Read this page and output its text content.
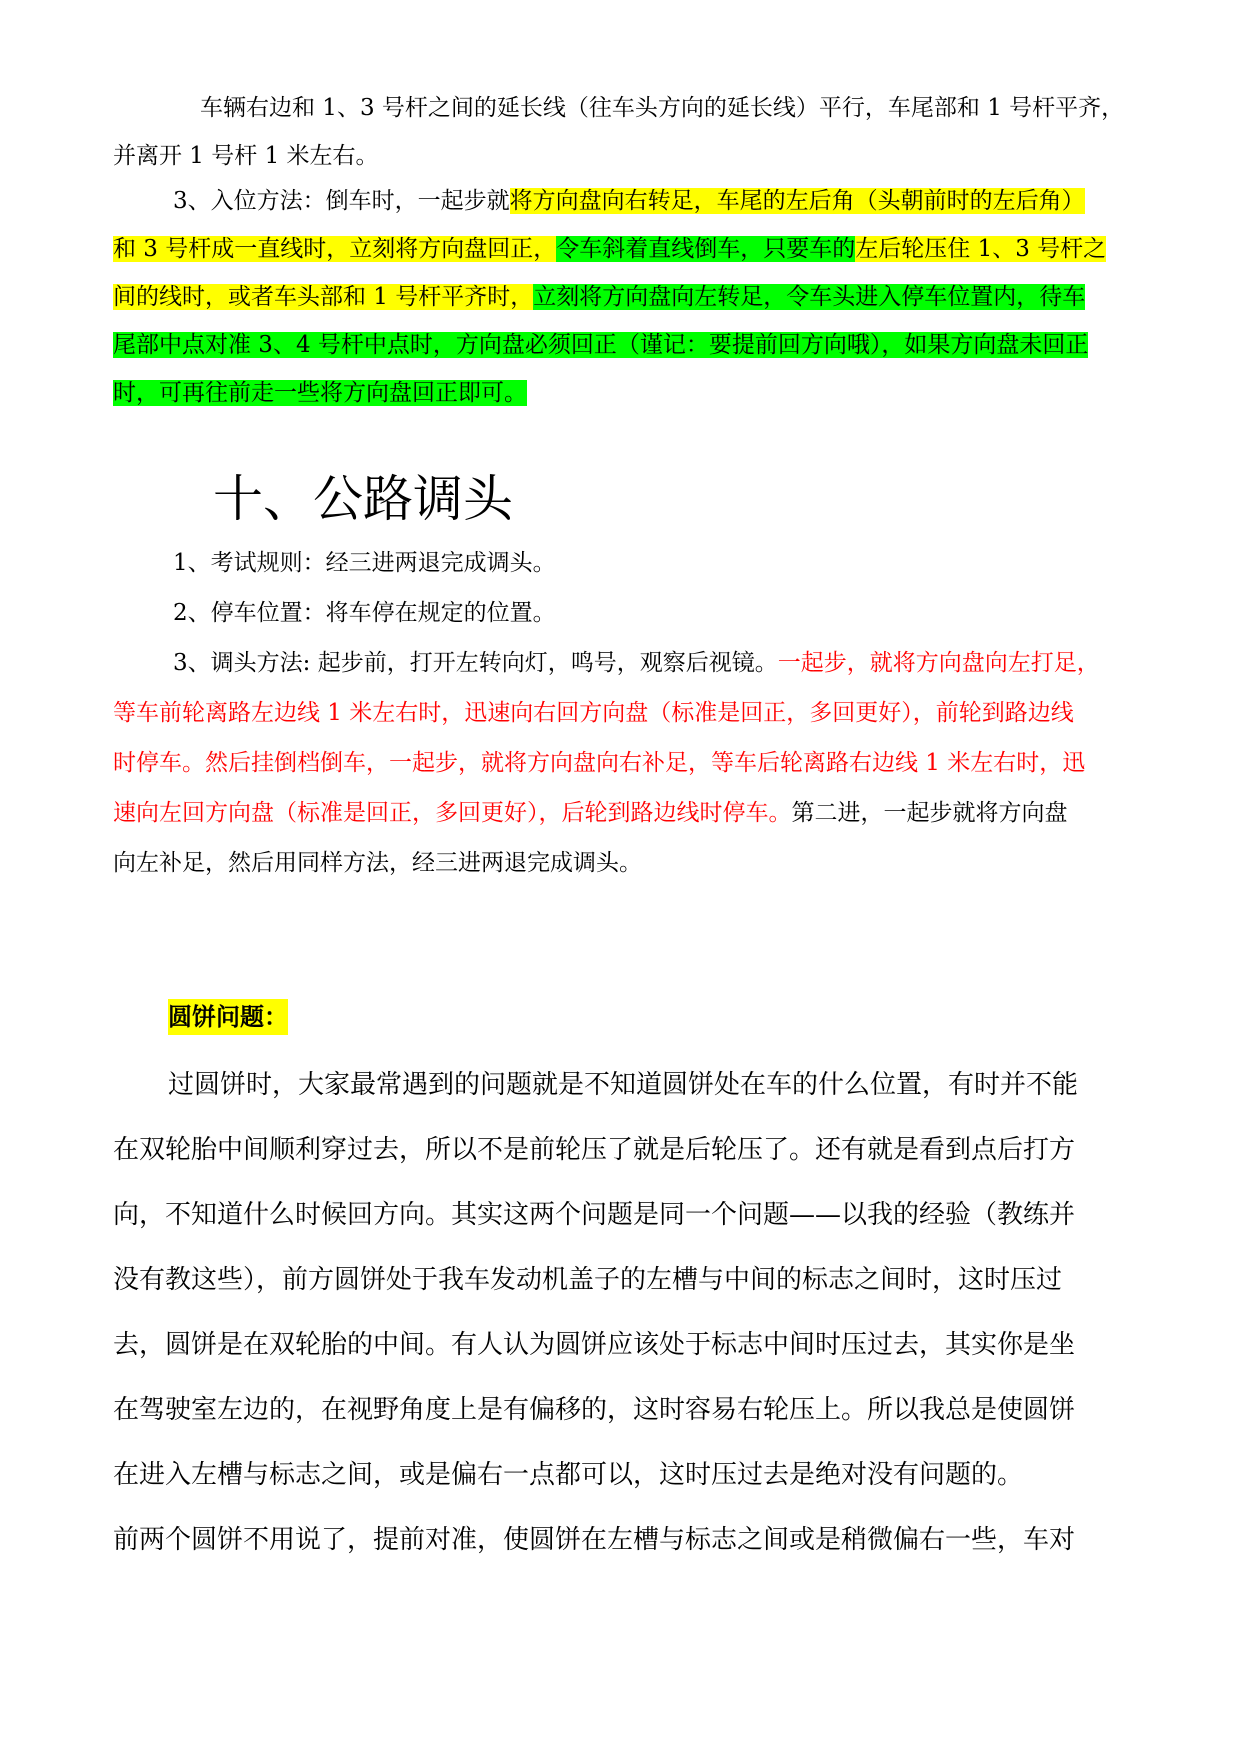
车辆右边和 1、3 号杆之间的延长线（往车头方向的延长线）平行，车尾部和 1 号杆平齐，
并离开 1 号杆 1 米左右。
3、入位方法：倒车时，一起步就将方向盘向右转足，车尾的左后角（头朝前时的左后角）
和 3 号杆成一直线时，立刻将方向盘回正，令车斜着直线倒车，只要车的左后轮压住 1、3 号杆之
间的线时，或者车头部和 1 号杆平齐时，立刻将方向盘向左转足，令车头进入停车位置内，待车
尾部中点对准 3、4 号杆中点时，方向盘必须回正（谨记：要提前回方向哦），如果方向盘未回正
时，可再往前走一些将方向盘回正即可。
十、公路调头
1、考试规则：经三进两退完成调头。
2、停车位置：将车停在规定的位置。
3、调头方法: 起步前，打开左转向灯，鸣号，观察后视镜。一起步，就将方向盘向左打足，
等车前轮离路左边线 1 米左右时，迅速向右回方向盘（标准是回正，多回更好），前轮到路边线
时停车。然后挂倒档倒车，一起步，就将方向盘向右补足，等车后轮离路右边线 1 米左右时，迅
速向左回方向盘（标准是回正，多回更好），后轮到路边线时停车。第二进，一起步就将方向盘
向左补足，然后用同样方法，经三进两退完成调头。
圆饼问题：
过圆饼时，大家最常遇到的问题就是不知道圆饼处在车的什么位置，有时并不能
在双轮胎中间顺利穿过去，所以不是前轮压了就是后轮压了。还有就是看到点后打方
向，不知道什么时候回方向。其实这两个问题是同一个问题——以我的经验（教练并
没有教这些），前方圆饼处于我车发动机盖子的左槽与中间的标志之间时，这时压过
去，圆饼是在双轮胎的中间。有人认为圆饼应该处于标志中间时压过去，其实你是坐
在驾驶室左边的，在视野角度上是有偏移的，这时容易右轮压上。所以我总是使圆饼
在进入左槽与标志之间，或是偏右一点都可以，这时压过去是绝对没有问题的。
前两个圆饼不用说了，提前对准，使圆饼在左槽与标志之间或是稍微偏右一些，车对
